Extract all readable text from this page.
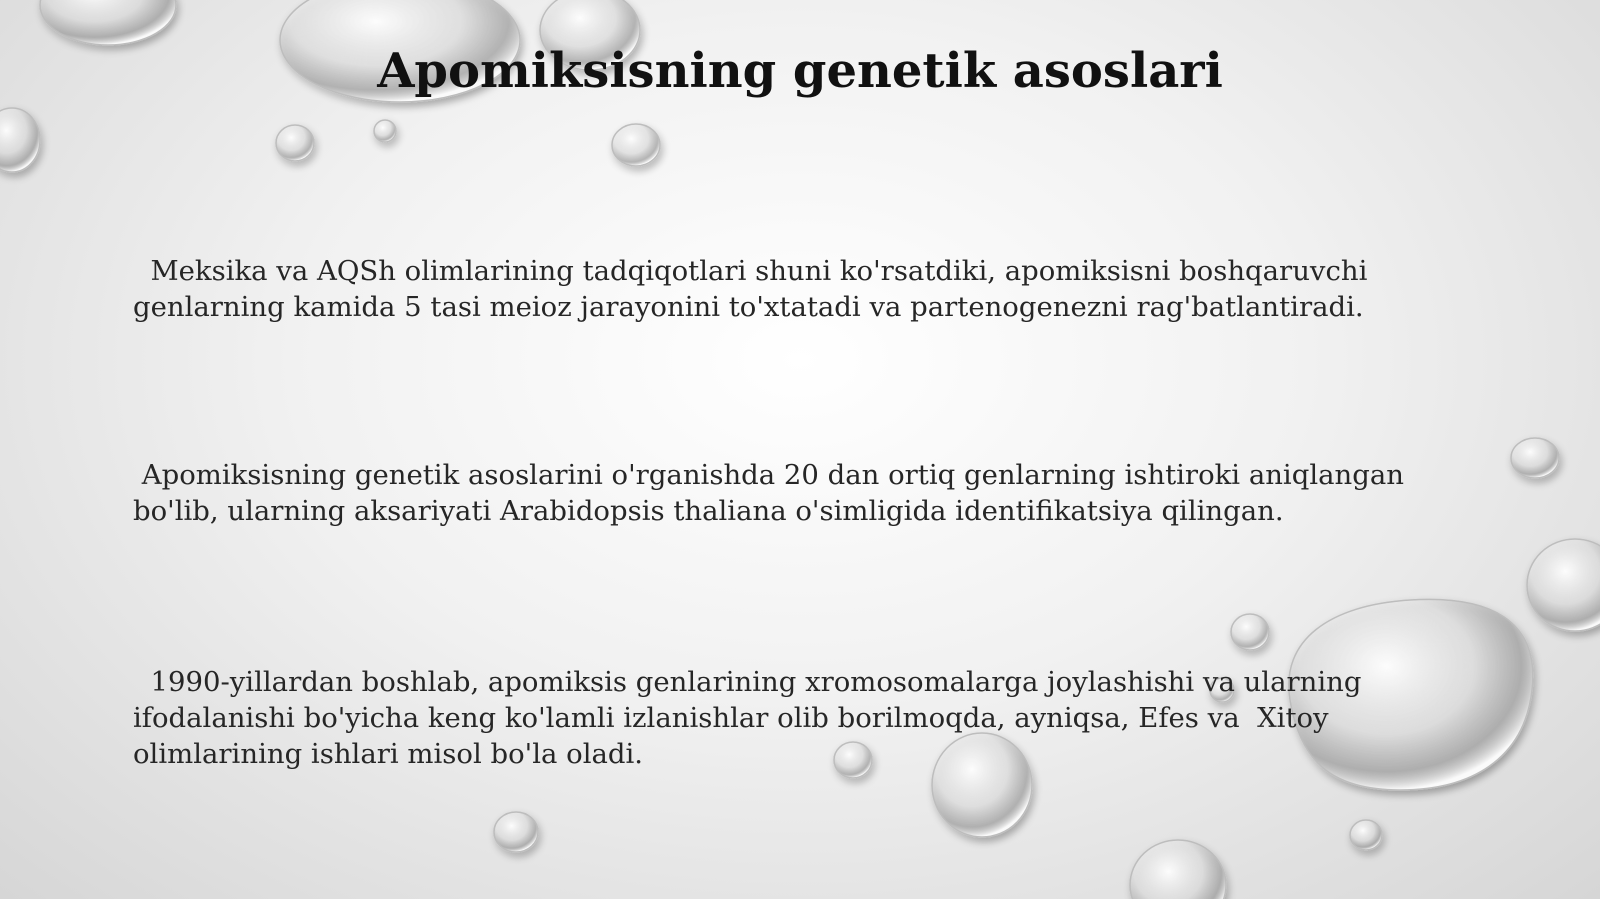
Apomiksisning genetik asoslari

Meksika va AQSh olimlarining tadqiqotlari shuni ko'rsatdiki, apomiksisni boshqaruvchi
genlarning kamida 5 tasi meioz jarayonini to'xtatadi va partenogenezni rag'batlantiradi.

Apomiksisning genetik asoslarini o'rganishda 20 dan ortiq genlarning ishtiroki aniqlangan
bo'lib, ularning aksariyati Arabidopsis thaliana o'simligida identifikatsiya qilingan.

1990-yillardan boshlab, apomiksis genlarining xromosomalarga joylashishi va ularning
ifodalanishi bo'yicha keng ko'lamli izlanishlar olib borilmoqda, ayniqsa, Efes va  Xitoy
olimlarining ishlari misol bo'la oladi.
